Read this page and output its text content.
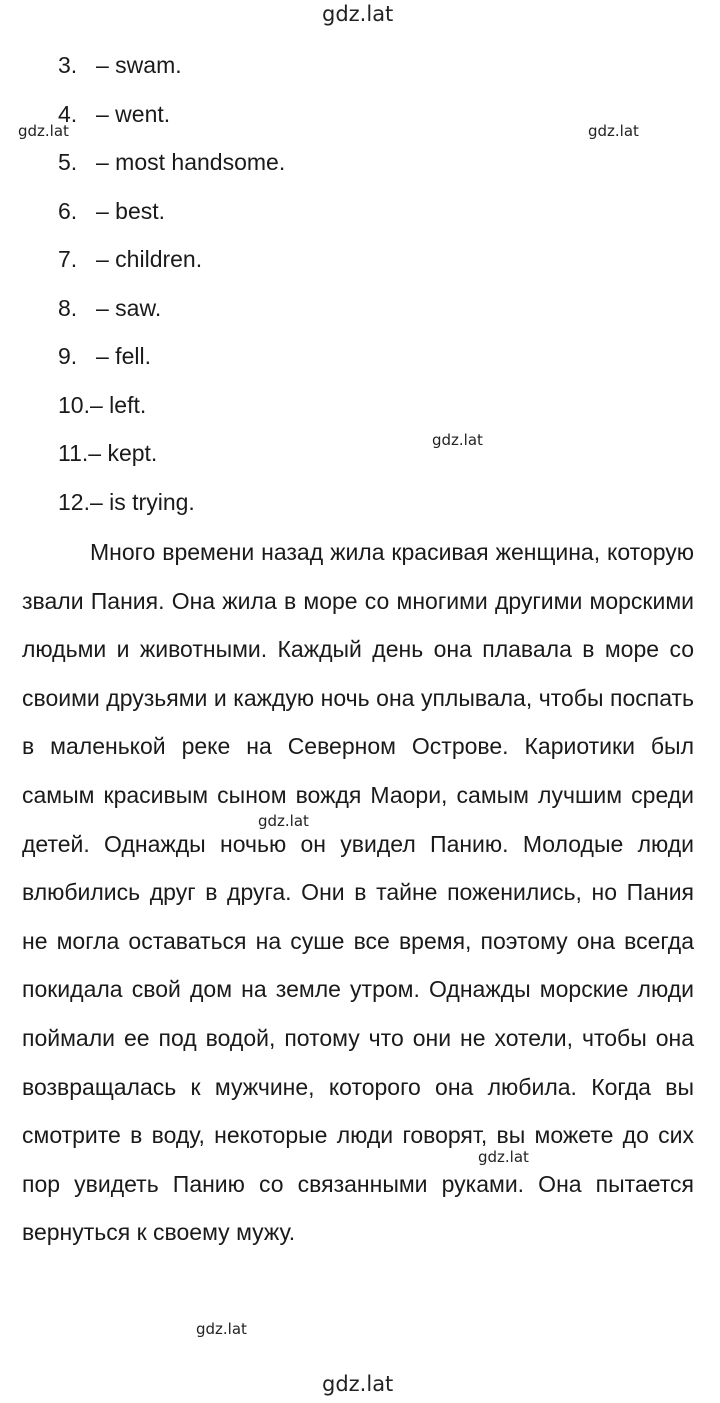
gdz.lat
3. – swam.
4. – went.
5. – most handsome.
6. – best.
7. – children.
8. – saw.
9. – fell.
10.– left.
11.– kept.
12.– is trying.

Много времени назад жила красивая женщина, которую звали Пания. Она жила в море со многими другими морскими людьми и животными. Каждый день она плавала в море со своими друзьями и каждую ночь она уплывала, чтобы поспать в маленькой реке на Северном Острове. Кариотики был самым красивым сыном вождя Маори, самым лучшим среди детей. Однажды ночью он увидел Панию. Молодые люди влюбились друг в друга. Они в тайне поженились, но Пания не могла оставаться на суше все время, поэтому она всегда покидала свой дом на земле утром. Однажды морские люди поймали ее под водой, потому что они не хотели, чтобы она возвращалась к мужчине, которого она любила. Когда вы смотрите в воду, некоторые люди говорят, вы можете до сих пор увидеть Панию со связанными руками. Она пытается вернуться к своему мужу.

gdz.lat	gdz.lat
gdz.lat
gdz.lat
gdz.lat
gdz.lat
gdz.lat
